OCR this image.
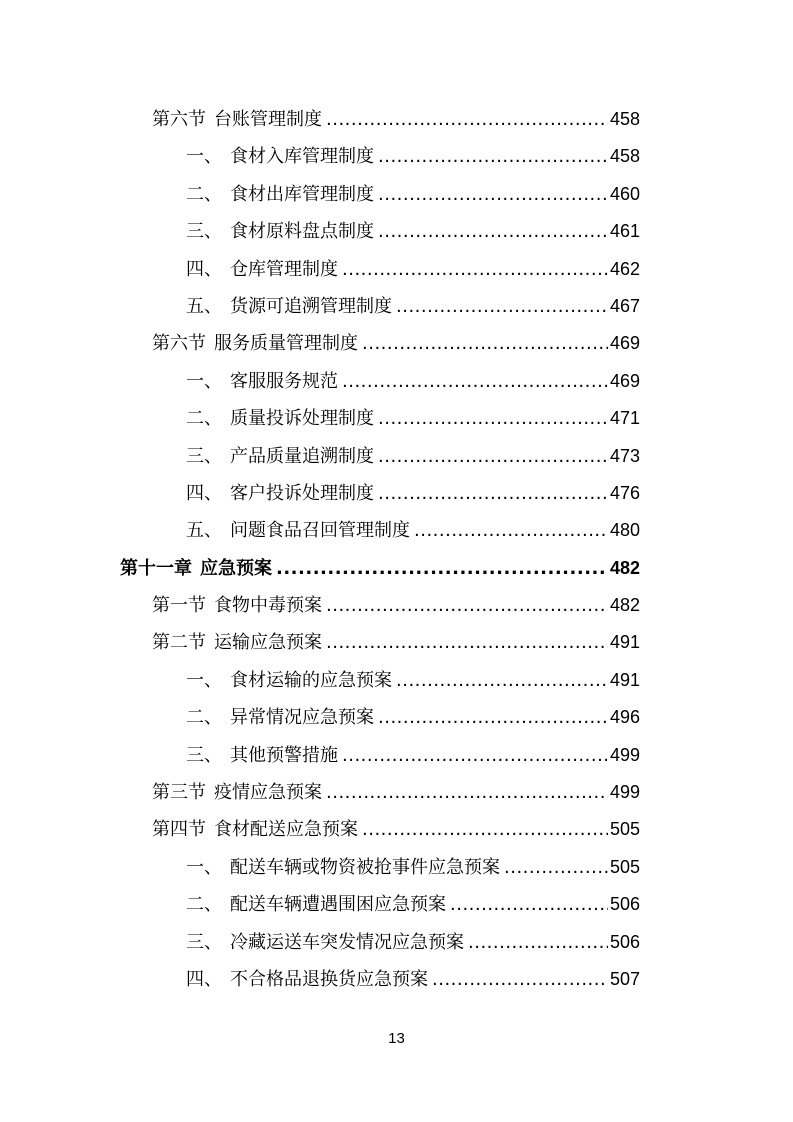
第六节 台账管理制度 .....	458
一、 食材入库管理制度 .....	458
二、 食材出库管理制度 .....	460
三、 食材原料盘点制度 .....	461
四、 仓库管理制度 .....	462
五、 货源可追溯管理制度 .....	467
第六节 服务质量管理制度 .....	469
一、 客服服务规范 .....	469
二、 质量投诉处理制度 .....	471
三、 产品质量追溯制度 .....	473
四、 客户投诉处理制度 .....	476
五、 问题食品召回管理制度 .....	480
第十一章 应急预案 .....	482
第一节 食物中毒预案 .....	482
第二节 运输应急预案 .....	491
一、 食材运输的应急预案 .....	491
二、 异常情况应急预案 .....	496
三、 其他预警措施 .....	499
第三节 疫情应急预案 .....	499
第四节 食材配送应急预案 .....	505
一、 配送车辆或物资被抢事件应急预案 .....	505
二、 配送车辆遭遇围困应急预案 .....	506
三、 冷藏运送车突发情况应急预案 .....	506
四、 不合格品退换货应急预案 .....	507
13
